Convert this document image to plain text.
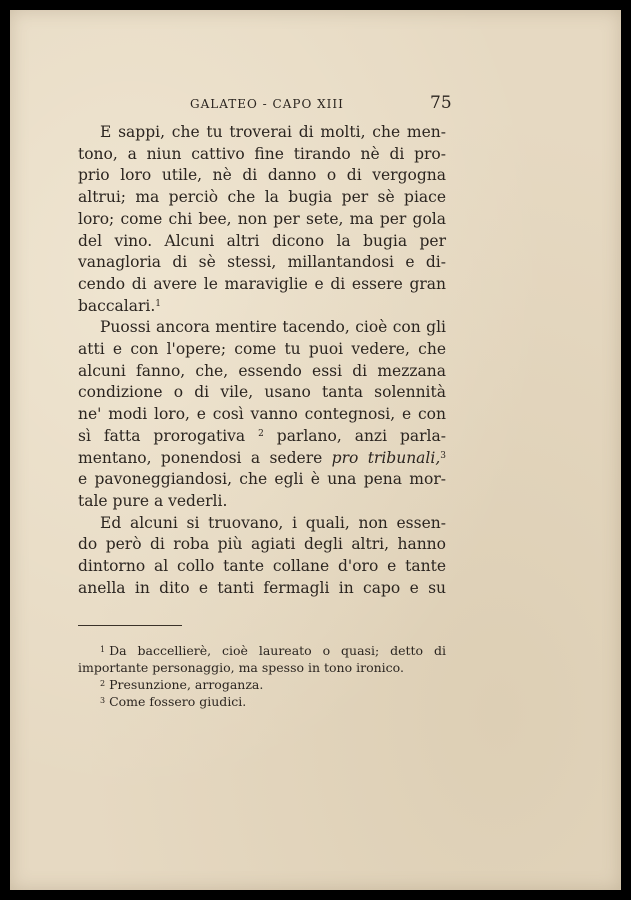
GALATEO - CAPO XIII	75
E sappi, che tu troverai di molti, che men-
tono, a niun cattivo fine tirando nè di pro-
prio loro utile, nè di danno o di vergogna
altrui; ma perciò che la bugia per sè piace
loro; come chi bee, non per sete, ma per gola
del vino. Alcuni altri dicono la bugia per
vanagloria di sè stessi, millantandosi e di-
cendo di avere le maraviglie e di essere gran
baccalari.$^1$
Puossi ancora mentire tacendo, cioè con gli
atti e con l'opere; come tu puoi vedere, che
alcuni fanno, che, essendo essi di mezzana
condizione o di vile, usano tanta solennità
ne' modi loro, e così vanno contegnosi, e con
sì fatta prorogativa $^2$ parlano, anzi parla-
mentano, ponendosi a sedere pro tribunali,$^3$
e pavoneggiandosi, che egli è una pena mor-
tale pure a vederli.
Ed alcuni si truovano, i quali, non essen-
do però di roba più agiati degli altri, hanno
dintorno al collo tante collane d'oro e tante
anella in dito e tanti fermagli in capo e su
$^1$ Da baccellierè, cioè laureato o quasi; detto di
importante personaggio, ma spesso in tono ironico.
$^2$ Presunzione, arroganza.
$^3$ Come fossero giudici.
